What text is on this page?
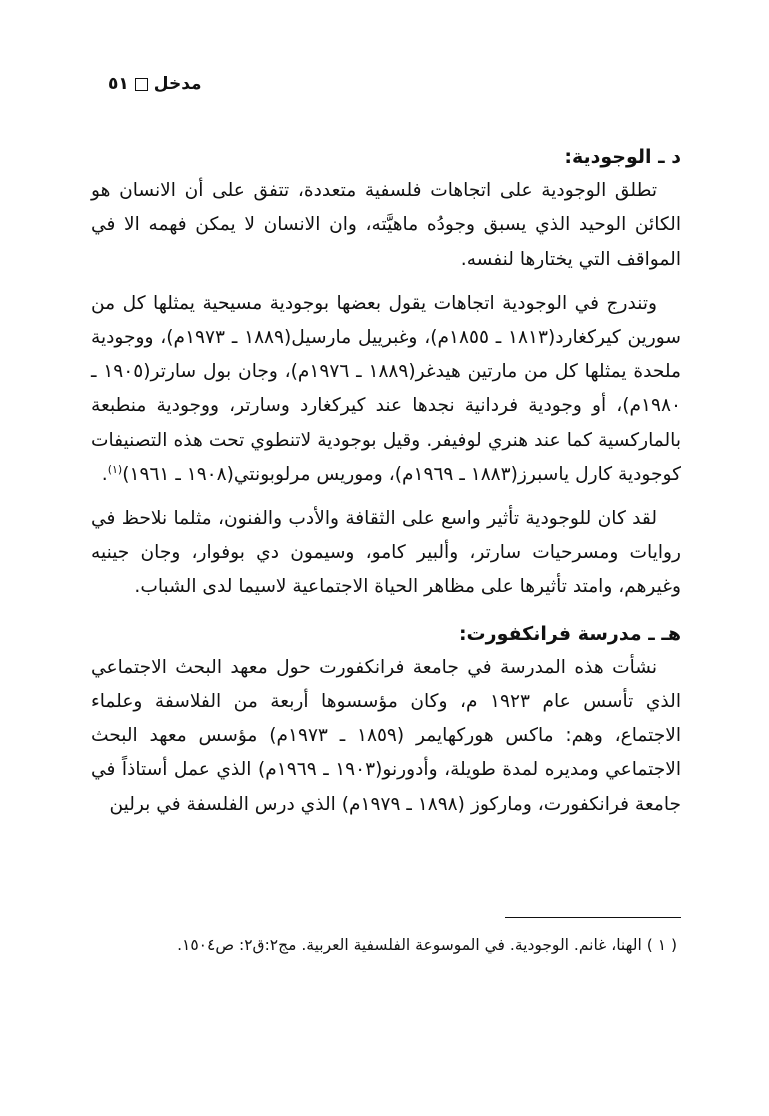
مدخل
٥١

د ـ الوجودية:

تطلق الوجودية على اتجاهات فلسفية متعددة، تتفق على أن الانسان هو الكائن الوحيد الذي يسبق وجودُه ماهيَّته، وان الانسان لا يمكن فهمه الا في المواقف التي يختارها لنفسه.

وتندرج في الوجودية اتجاهات يقول بعضها بوجودية مسيحية يمثلها كل من سورين كيركغارد(١٨١٣ ـ ١٨٥٥م)، وغبرييل مارسيل(١٨٨٩ ـ ١٩٧٣م)، ووجودية ملحدة يمثلها كل من مارتين هيدغر(١٨٨٩ ـ ١٩٧٦م)، وجان بول سارتر(١٩٠٥ ـ ١٩٨٠م)، أو وجودية فردانية نجدها عند كيركغارد وسارتر، ووجودية منطبعة بالماركسية كما عند هنري لوفيفر. وقيل بوجودية لاتنطوي تحت هذه التصنيفات كوجودية كارل ياسبرز(١٨٨٣ ـ ١٩٦٩م)، وموريس مرلوبونتي(١٩٠٨ ـ ١٩٦١)$^{(١)}$.

لقد كان للوجودية تأثير واسع على الثقافة والأدب والفنون، مثلما نلاحظ في روايات ومسرحيات سارتر، وألبير كامو، وسيمون دي بوفوار، وجان جينيه وغيرهم، وامتد تأثيرها على مظاهر الحياة الاجتماعية لاسيما لدى الشباب.

هـ ـ مدرسة فرانكفورت:

نشأت هذه المدرسة في جامعة فرانكفورت حول معهد البحث الاجتماعي الذي تأسس عام ١٩٢٣ م، وكان مؤسسوها أربعة من الفلاسفة وعلماء الاجتماع، وهم: ماكس هوركهايمر (١٨٥٩ ـ ١٩٧٣م) مؤسس معهد البحث الاجتماعي ومديره لمدة طويلة، وأدورنو(١٩٠٣ ـ ١٩٦٩م) الذي عمل أستاذاً في جامعة فرانكفورت، وماركوز (١٨٩٨ ـ ١٩٧٩م) الذي درس الفلسفة في برلين

( ١ ) الهنا، غانم. الوجودية. في الموسوعة الفلسفية العربية. مج٢:ق٢: ص١٥٠٤.
